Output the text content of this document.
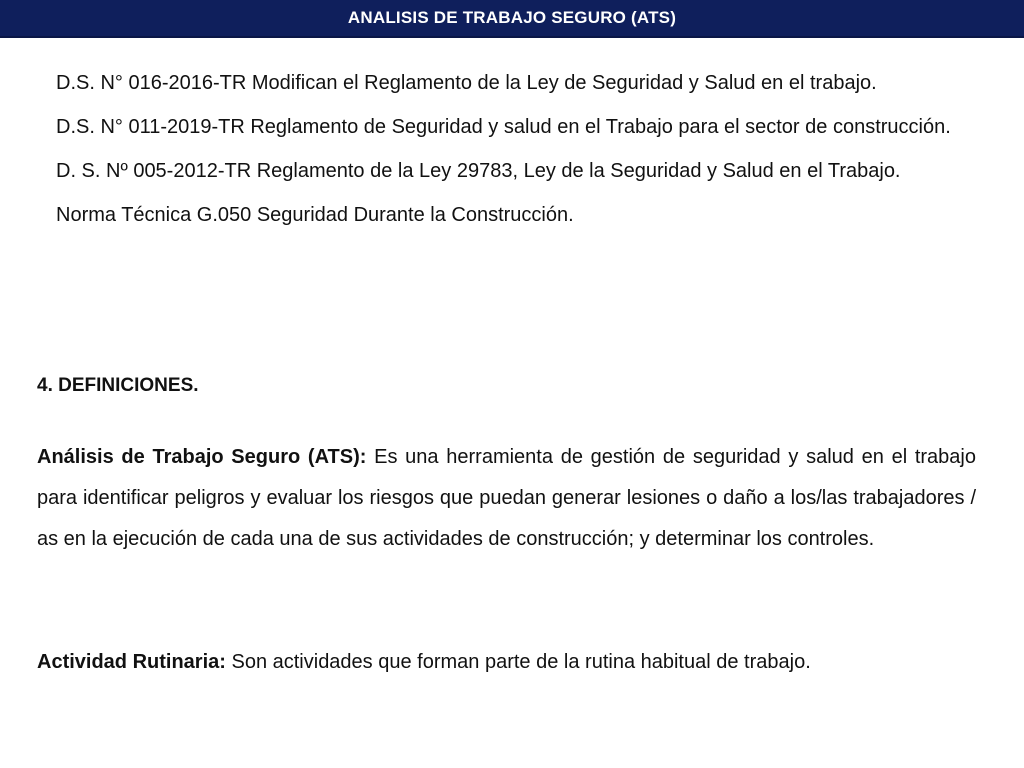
ANALISIS DE TRABAJO SEGURO (ATS)

D.S. N° 016-2016-TR Modifican el Reglamento de la Ley de Seguridad y Salud en el trabajo.

D.S. N° 011-2019-TR Reglamento de Seguridad y salud en el Trabajo para el sector de construcción.

D. S. Nº 005-2012-TR Reglamento de la Ley 29783, Ley de la Seguridad y Salud en el Trabajo.

Norma Técnica G.050 Seguridad Durante la Construcción.

4. DEFINICIONES.

Análisis de Trabajo Seguro (ATS): Es una herramienta de gestión de seguridad y salud en el trabajo para identificar peligros y evaluar los riesgos que puedan generar lesiones o daño a los/las trabajadores / as en la ejecución de cada una de sus actividades de construcción; y determinar los controles.

Actividad Rutinaria: Son actividades que forman parte de la rutina habitual de trabajo.
